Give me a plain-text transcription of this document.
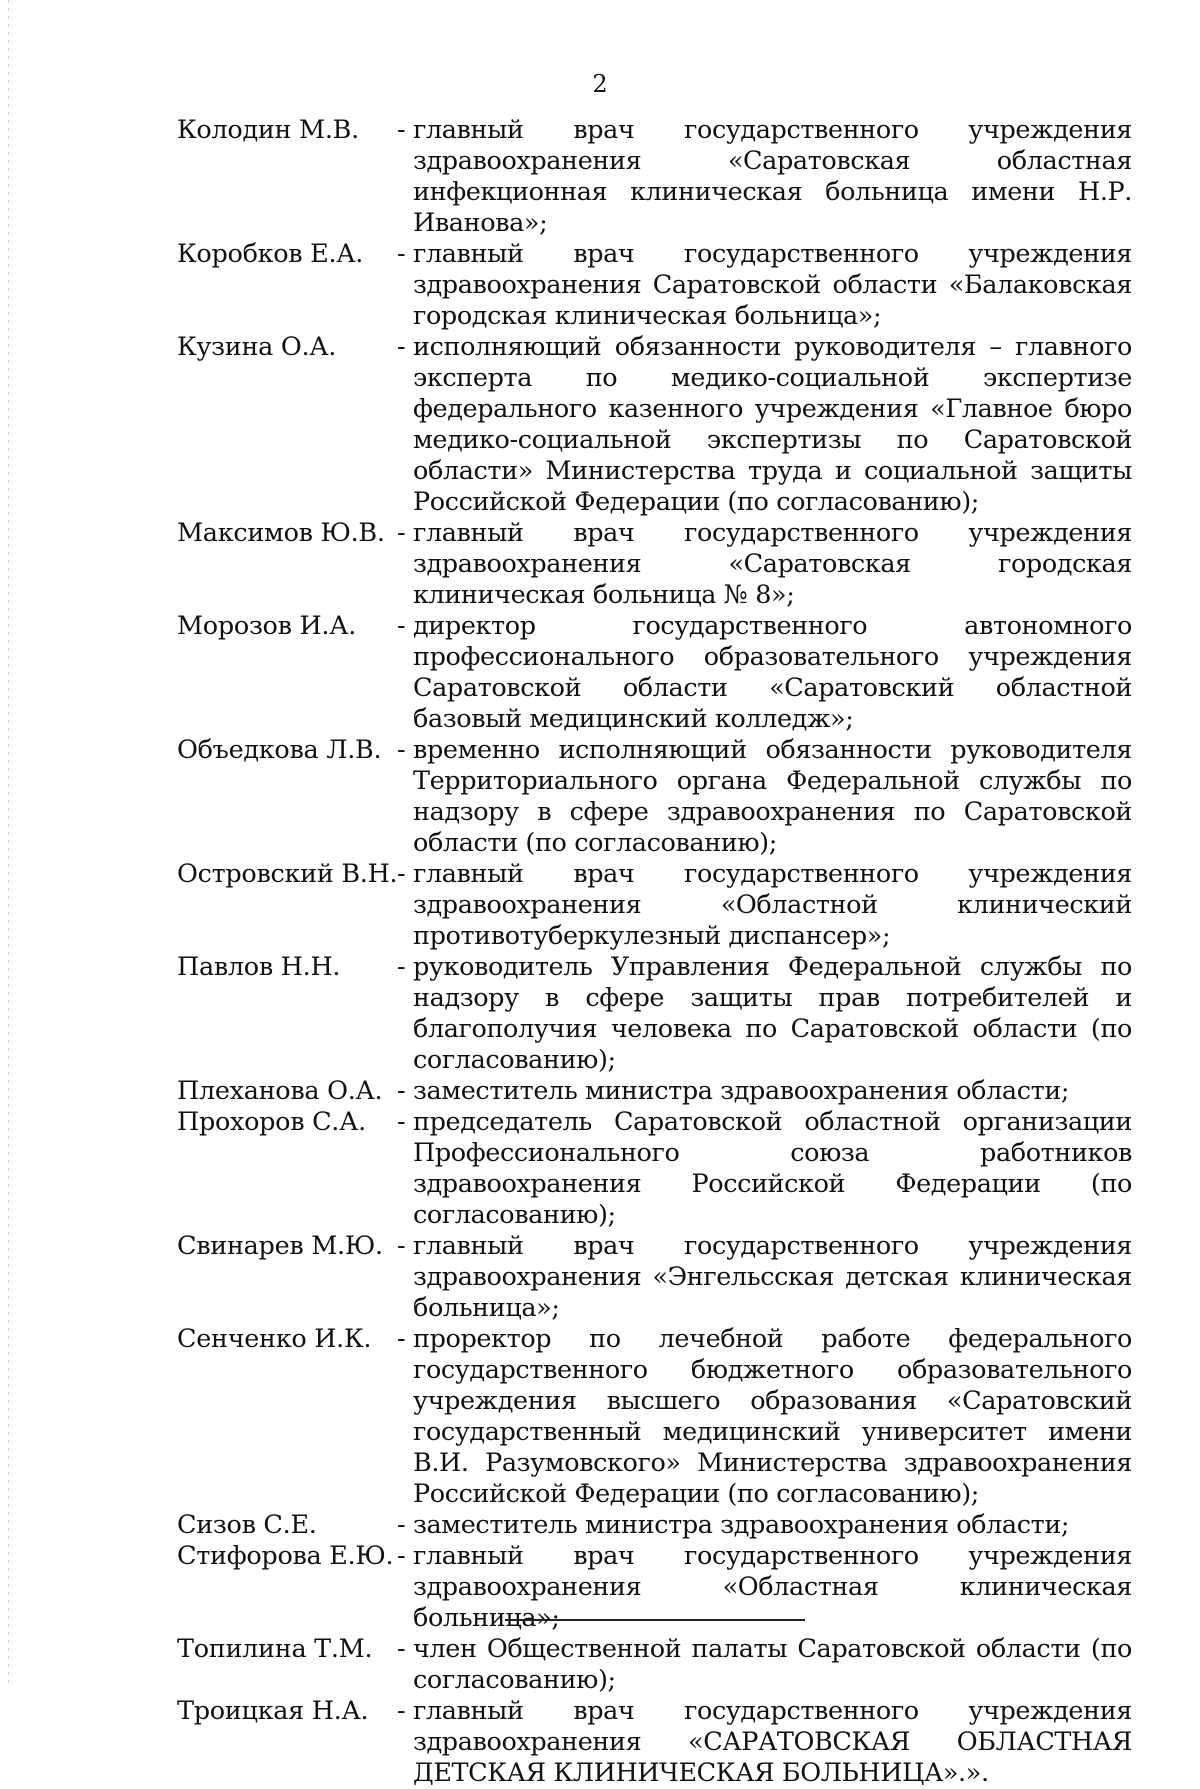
2
Колодин М.В.	- главный врач государственного учреждения здравоохранения «Саратовская областная инфекционная клиническая больница имени Н.Р. Иванова»;
Коробков Е.А.	- главный врач государственного учреждения здравоохранения Саратовской области «Балаковская городская клиническая больница»;
Кузина О.А.	- исполняющий обязанности руководителя – главного эксперта по медико-социальной экспертизе федерального казенного учреждения «Главное бюро медико-социальной экспертизы по Саратовской области» Министерства труда и социальной защиты Российской Федерации (по согласованию);
Максимов Ю.В. - главный врач государственного учреждения здравоохранения «Саратовская городская клиническая больница № 8»;
Морозов И.А.	- директор государственного автономного профессионального образовательного учреждения Саратовской области «Саратовский областной базовый медицинский колледж»;
Объедкова Л.В. - временно исполняющий обязанности руководителя Территориального органа Федеральной службы по надзору в сфере здравоохранения по Саратовской области (по согласованию);
Островский В.Н. - главный врач государственного учреждения здравоохранения «Областной клинический противотуберкулезный диспансер»;
Павлов Н.Н.	- руководитель Управления Федеральной службы по надзору в сфере защиты прав потребителей и благополучия человека по Саратовской области (по согласованию);
Плеханова О.А. - заместитель министра здравоохранения области;
Прохоров С.А.	- председатель Саратовской областной организации Профессионального союза работников здравоохранения Российской Федерации (по согласованию);
Свинарев М.Ю. - главный врач государственного учреждения здравоохранения «Энгельсская детская клиническая больница»;
Сенченко И.К.	- проректор по лечебной работе федерального государственного бюджетного образовательного учреждения высшего образования «Саратовский государственный медицинский университет имени В.И. Разумовского» Министерства здравоохранения Российской Федерации (по согласованию);
Сизов С.Е.	- заместитель министра здравоохранения области;
Стифорова Е.Ю. - главный врач государственного учреждения здравоохранения «Областная клиническая больница»;
Топилина Т.М. - член Общественной палаты Саратовской области (по согласованию);
Троицкая Н.А.	- главный врач государственного учреждения здравоохранения «САРАТОВСКАЯ ОБЛАСТНАЯ ДЕТСКАЯ КЛИНИЧЕСКАЯ БОЛЬНИЦА».».
